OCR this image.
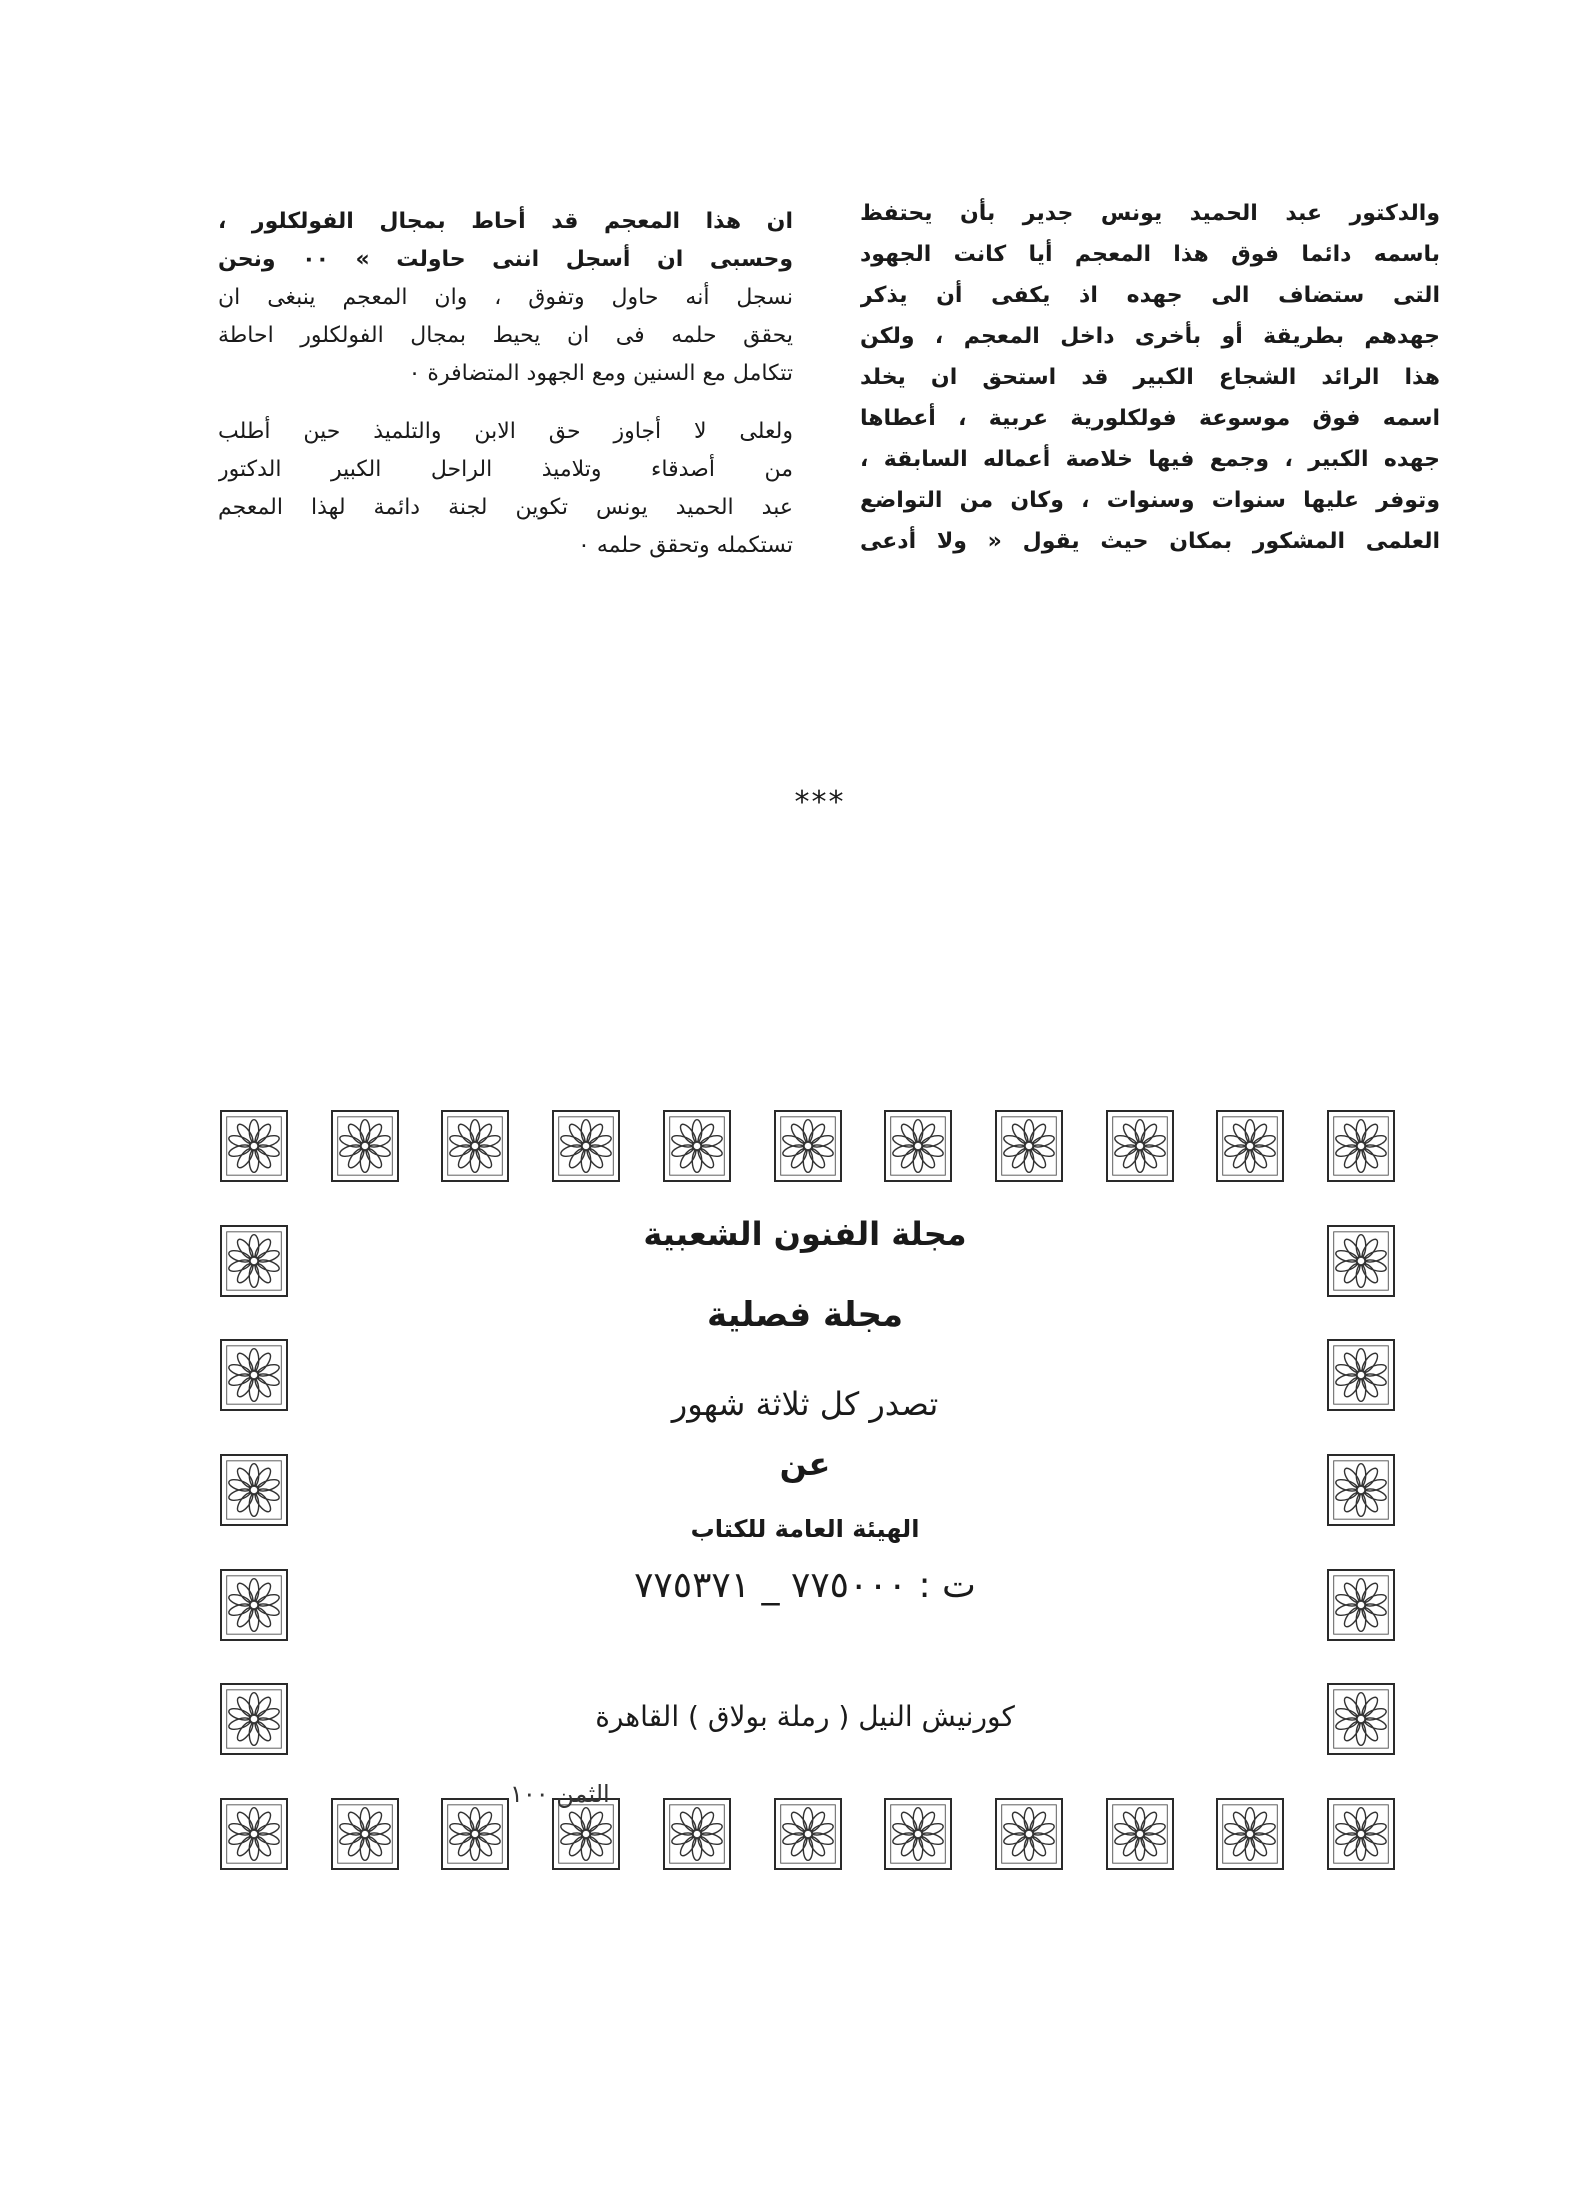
والدكتور عبد الحميد يونس جدير بأن يحتفظ
باسمه دائما فوق هذا المعجم أيا كانت الجهود
التى ستضاف الى جهده اذ يكفى أن يذكر
جهدهم بطريقة أو بأخرى داخل المعجم ، ولكن
هذا الرائد الشجاع الكبير قد استحق ان يخلد
اسمه فوق موسوعة فولكلورية عربية ، أعطاها
جهده الكبير ، وجمع فيها خلاصة أعماله السابقة ،
وتوفر عليها سنوات وسنوات ، وكان من التواضع
العلمى المشكور بمكان حيث يقول « ولا أدعى
ان هذا المعجم قد أحاط بمجال الفولكلور ،
وحسبى ان أسجل اننى حاولت » ٠٠ ونحن
نسجل أنه حاول وتفوق ، وان المعجم ينبغى ان
يحقق حلمه فى ان يحيط بمجال الفولكلور احاطة
تتكامل مع السنين ومع الجهود المتضافرة ٠
ولعلى لا أجاوز حق الابن والتلميذ حين أطلب
من أصدقاء وتلاميذ الراحل الكبير الدكتور
عبد الحميد يونس تكوين لجنة دائمة لهذا المعجم
تستكمله وتحقق حلمه ٠
***
مجلة الفنون الشعبية
مجلة فصلية
تصدر كل ثلاثة شهور
عن
الهيئة العامة للكتاب
ت : ٧٧٥٠٠٠ _ ٧٧٥٣٧١
كورنيش النيل ( رملة بولاق ) القاهرة
الثمن ١٠٠
